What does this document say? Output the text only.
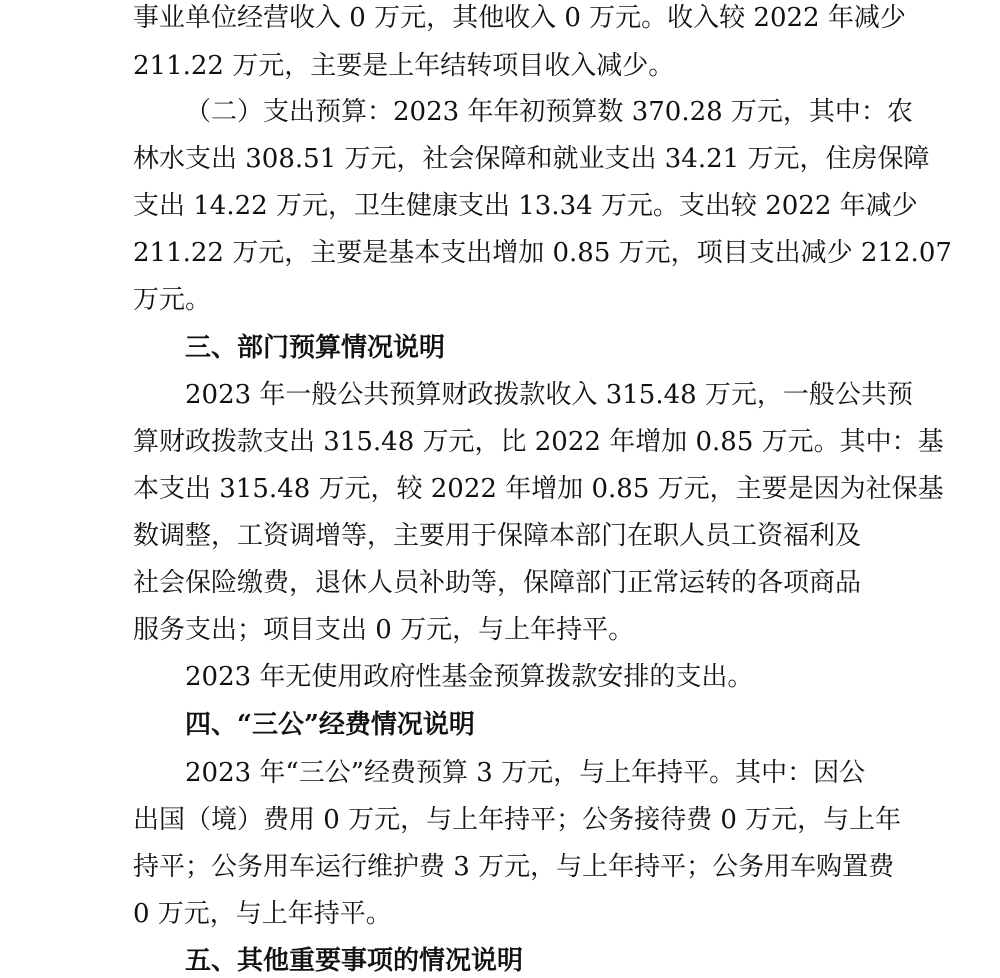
事业单位经营收入 0 万元，其他收入 0 万元。收入较 2022 年减少

211.22 万元，主要是上年结转项目收入减少。

（二）支出预算：2023 年年初预算数 370.28 万元，其中：农

林水支出 308.51 万元，社会保障和就业支出 34.21 万元，住房保障

支出 14.22 万元，卫生健康支出 13.34 万元。支出较 2022 年减少

211.22 万元，主要是基本支出增加 0.85 万元，项目支出减少 212.07

万元。

三、部门预算情况说明

2023 年一般公共预算财政拨款收入 315.48 万元，一般公共预

算财政拨款支出 315.48 万元，比 2022 年增加 0.85 万元。其中：基

本支出 315.48 万元，较 2022 年增加 0.85 万元，主要是因为社保基

数调整，工资调增等，主要用于保障本部门在职人员工资福利及

社会保险缴费，退休人员补助等，保障部门正常运转的各项商品

服务支出；项目支出 0 万元，与上年持平。

2023 年无使用政府性基金预算拨款安排的支出。

四、“三公”经费情况说明

2023 年“三公”经费预算 3 万元，与上年持平。其中：因公

出国（境）费用 0 万元，与上年持平；公务接待费 0 万元，与上年

持平；公务用车运行维护费 3 万元，与上年持平；公务用车购置费

0 万元，与上年持平。

五、其他重要事项的情况说明
